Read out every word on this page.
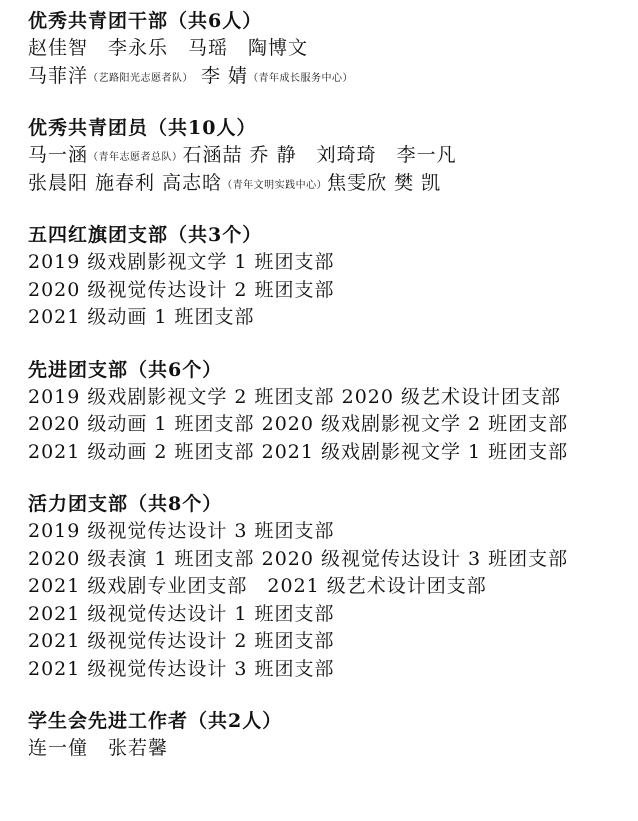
优秀共青团干部（共6人）
赵佳智 李永乐 马瑶 陶博文
马菲洋（艺路阳光志愿者队） 李 婧（青年成长服务中心）
优秀共青团员（共10人）
马一涵（青年志愿者总队）石涵喆 乔 静 刘琦琦 李一凡
张晨阳 施春利 高志晗（青年文明实践中心）焦雯欣 樊 凯
五四红旗团支部（共3个）
2019 级戏剧影视文学 1 班团支部
2020 级视觉传达设计 2 班团支部
2021 级动画 1 班团支部
先进团支部（共6个）
2019 级戏剧影视文学 2 班团支部 2020 级艺术设计团支部
2020 级动画 1 班团支部 2020 级戏剧影视文学 2 班团支部
2021 级动画 2 班团支部 2021 级戏剧影视文学 1 班团支部
活力团支部（共8个）
2019 级视觉传达设计 3 班团支部
2020 级表演 1 班团支部 2020 级视觉传达设计 3 班团支部
2021 级戏剧专业团支部　2021 级艺术设计团支部
2021 级视觉传达设计 1 班团支部
2021 级视觉传达设计 2 班团支部
2021 级视觉传达设计 3 班团支部
学生会先进工作者（共2人）
连一僮 张若馨
